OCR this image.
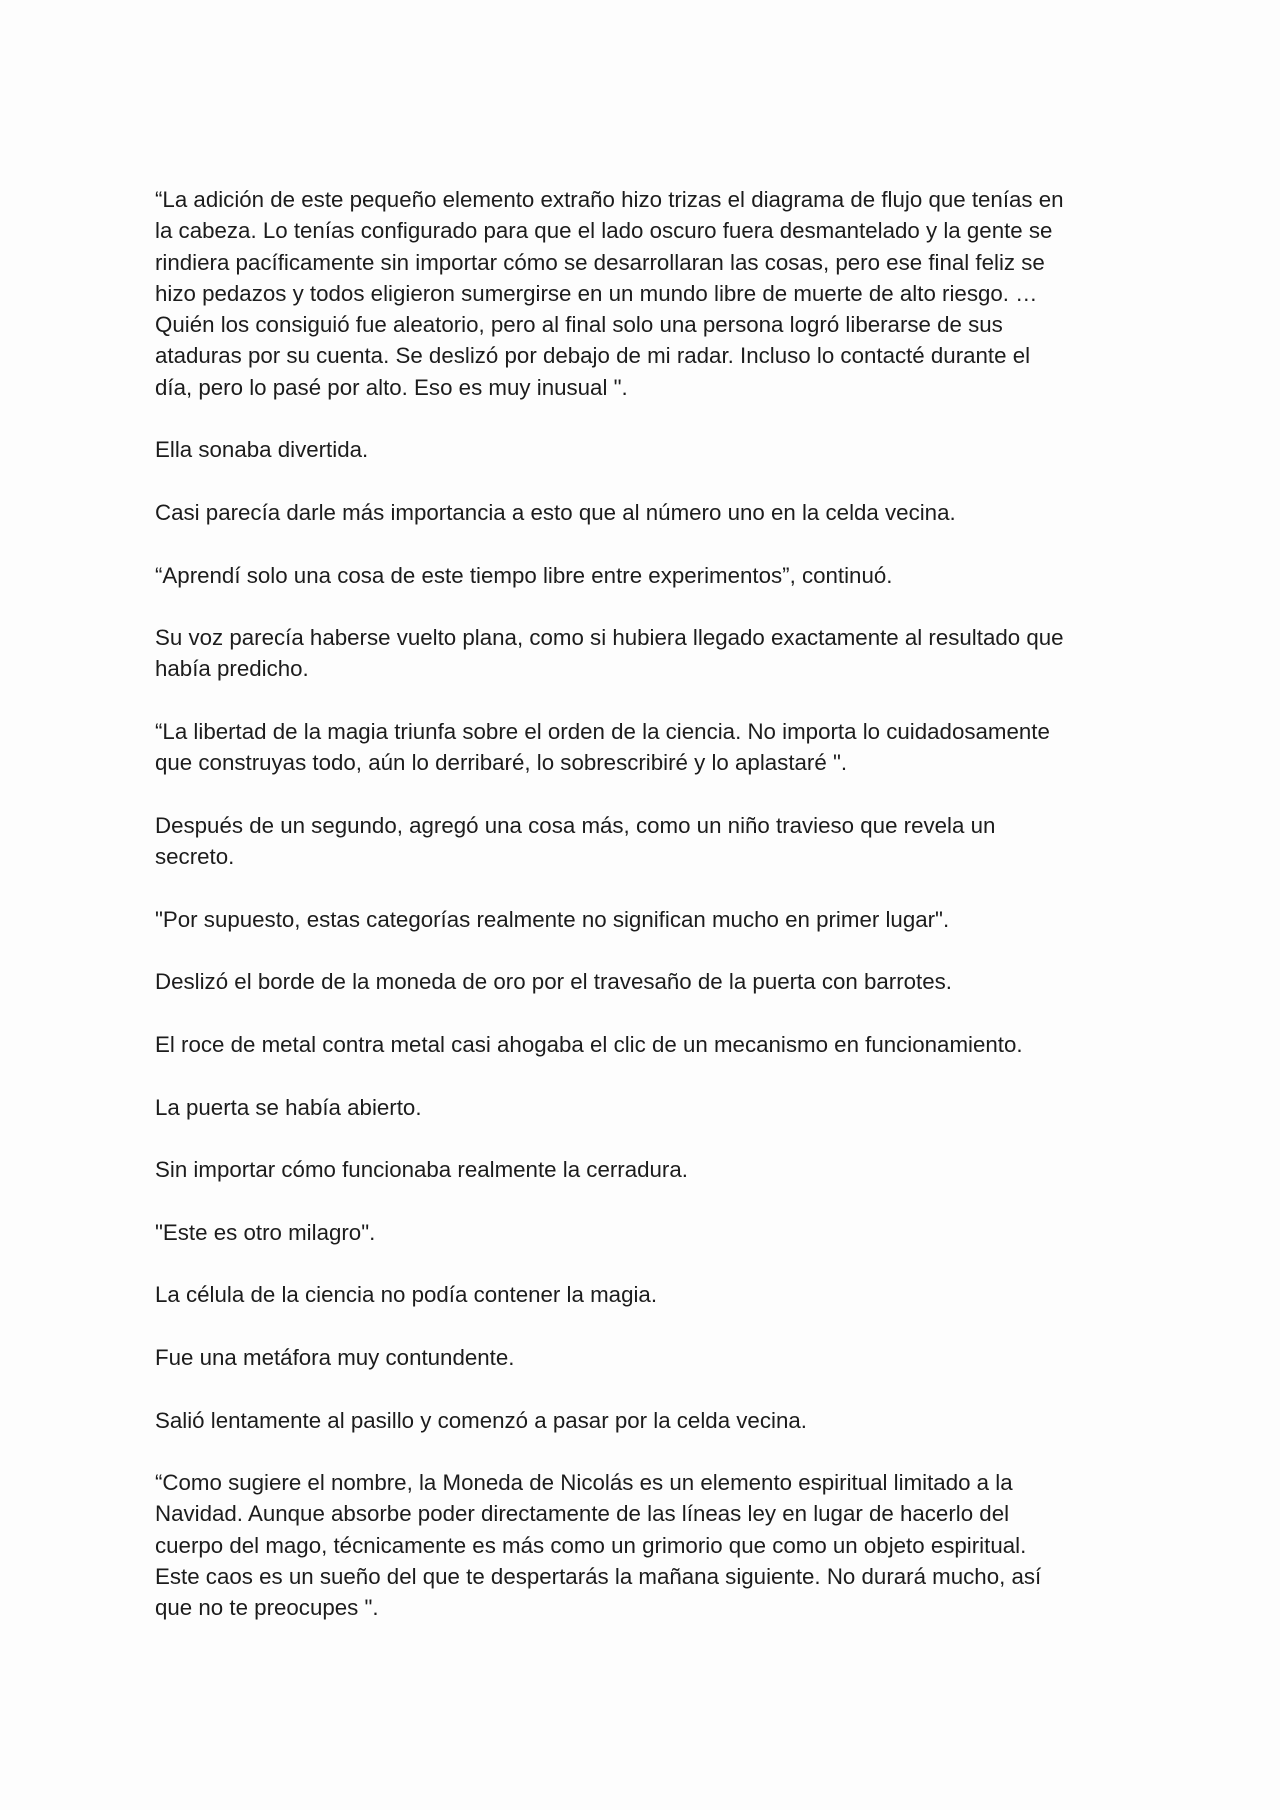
“La adición de este pequeño elemento extraño hizo trizas el diagrama de flujo que tenías en
la cabeza. Lo tenías configurado para que el lado oscuro fuera desmantelado y la gente se
rindiera pacíficamente sin importar cómo se desarrollaran las cosas, pero ese final feliz se
hizo pedazos y todos eligieron sumergirse en un mundo libre de muerte de alto riesgo. …
Quién los consiguió fue aleatorio, pero al final solo una persona logró liberarse de sus
ataduras por su cuenta. Se deslizó por debajo de mi radar. Incluso lo contacté durante el
día, pero lo pasé por alto. Eso es muy inusual ".

Ella sonaba divertida.

Casi parecía darle más importancia a esto que al número uno en la celda vecina.

“Aprendí solo una cosa de este tiempo libre entre experimentos”, continuó.

Su voz parecía haberse vuelto plana, como si hubiera llegado exactamente al resultado que
había predicho.

“La libertad de la magia triunfa sobre el orden de la ciencia. No importa lo cuidadosamente
que construyas todo, aún lo derribaré, lo sobrescribiré y lo aplastaré ".

Después de un segundo, agregó una cosa más, como un niño travieso que revela un
secreto.

"Por supuesto, estas categorías realmente no significan mucho en primer lugar".

Deslizó el borde de la moneda de oro por el travesaño de la puerta con barrotes.

El roce de metal contra metal casi ahogaba el clic de un mecanismo en funcionamiento.

La puerta se había abierto.

Sin importar cómo funcionaba realmente la cerradura.

"Este es otro milagro".

La célula de la ciencia no podía contener la magia.

Fue una metáfora muy contundente.

Salió lentamente al pasillo y comenzó a pasar por la celda vecina.

“Como sugiere el nombre, la Moneda de Nicolás es un elemento espiritual limitado a la
Navidad. Aunque absorbe poder directamente de las líneas ley en lugar de hacerlo del
cuerpo del mago, técnicamente es más como un grimorio que como un objeto espiritual.
Este caos es un sueño del que te despertarás la mañana siguiente. No durará mucho, así
que no te preocupes ".
